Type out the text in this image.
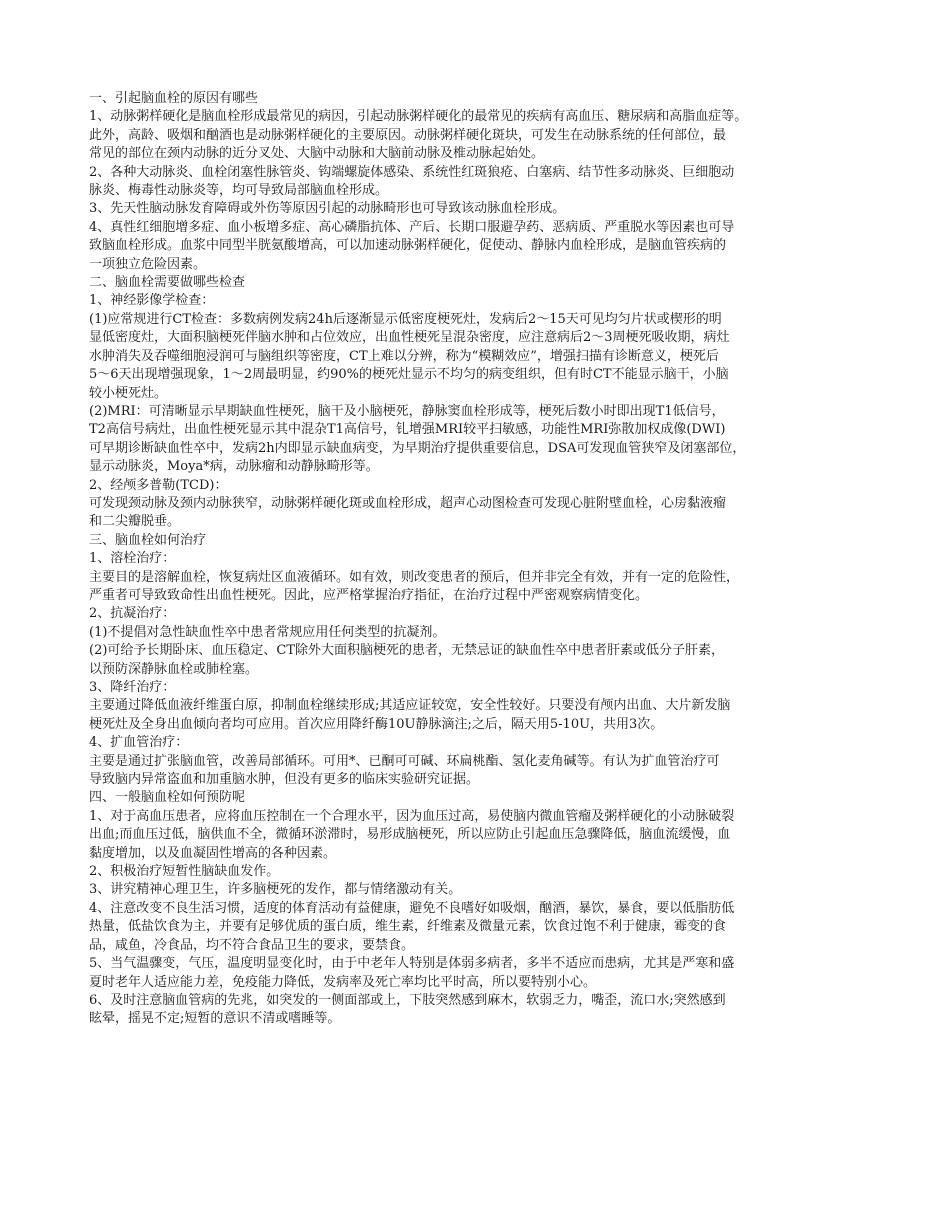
一、引起脑血栓的原因有哪些
1、动脉粥样硬化是脑血栓形成最常见的病因，引起动脉粥样硬化的最常见的疾病有高血压、糖尿病和高脂血症等。
此外，高龄、吸烟和酗酒也是动脉粥样硬化的主要原因。动脉粥样硬化斑块，可发生在动脉系统的任何部位，最
常见的部位在颈内动脉的近分叉处、大脑中动脉和大脑前动脉及椎动脉起始处。
2、各种大动脉炎、血栓闭塞性脉管炎、钩端螺旋体感染、系统性红斑狼疮、白塞病、结节性多动脉炎、巨细胞动
脉炎、梅毒性动脉炎等，均可导致局部脑血栓形成。
3、先天性脑动脉发育障碍或外伤等原因引起的动脉畸形也可导致该动脉血栓形成。
4、真性红细胞增多症、血小板增多症、高心磷脂抗体、产后、长期口服避孕药、恶病质、严重脱水等因素也可导
致脑血栓形成。血浆中同型半胱氨酸增高，可以加速动脉粥样硬化，促使动、静脉内血栓形成，是脑血管疾病的
一项独立危险因素。
二、脑血栓需要做哪些检查
1、神经影像学检查：
(1)应常规进行CT检查：多数病例发病24h后逐渐显示低密度梗死灶，发病后2～15天可见均匀片状或楔形的明
显低密度灶，大面积脑梗死伴脑水肿和占位效应，出血性梗死呈混杂密度，应注意病后2～3周梗死吸收期，病灶
水肿消失及吞噬细胞浸润可与脑组织等密度，CT上难以分辨，称为“模糊效应”，增强扫描有诊断意义，梗死后
5～6天出现增强现象，1～2周最明显，约90%的梗死灶显示不均匀的病变组织，但有时CT不能显示脑干，小脑
较小梗死灶。
(2)MRI：可清晰显示早期缺血性梗死，脑干及小脑梗死，静脉窦血栓形成等，梗死后数小时即出现T1低信号，
T2高信号病灶，出血性梗死显示其中混杂T1高信号，钆增强MRI较平扫敏感，功能性MRI弥散加权成像(DWI)
可早期诊断缺血性卒中，发病2h内即显示缺血病变，为早期治疗提供重要信息，DSA可发现血管狭窄及闭塞部位，
显示动脉炎，Moya*病，动脉瘤和动静脉畸形等。
2、经颅多普勒(TCD)：
可发现颈动脉及颈内动脉狭窄，动脉粥样硬化斑或血栓形成，超声心动图检查可发现心脏附壁血栓，心房黏液瘤
和二尖瓣脱垂。
三、脑血栓如何治疗
1、溶栓治疗：
主要目的是溶解血栓，恢复病灶区血液循环。如有效，则改变患者的预后，但并非完全有效，并有一定的危险性，
严重者可导致致命性出血性梗死。因此，应严格掌握治疗指征，在治疗过程中严密观察病情变化。
2、抗凝治疗：
(1)不提倡对急性缺血性卒中患者常规应用任何类型的抗凝剂。
(2)可给予长期卧床、血压稳定、CT除外大面积脑梗死的患者，无禁忌证的缺血性卒中患者肝素或低分子肝素，
以预防深静脉血栓或肺栓塞。
3、降纤治疗：
主要通过降低血液纤维蛋白原，抑制血栓继续形成;其适应证较宽，安全性较好。只要没有颅内出血、大片新发脑
梗死灶及全身出血倾向者均可应用。首次应用降纤酶10U静脉滴注;之后，隔天用5-10U，共用3次。
4、扩血管治疗：
主要是通过扩张脑血管，改善局部循环。可用*、已酮可可碱、环扁桃酯、氢化麦角碱等。有认为扩血管治疗可
导致脑内异常盗血和加重脑水肿，但没有更多的临床实验研究证据。
四、一般脑血栓如何预防呢
1、对于高血压患者，应将血压控制在一个合理水平，因为血压过高，易使脑内微血管瘤及粥样硬化的小动脉破裂
出血;而血压过低，脑供血不全，微循环淤滞时，易形成脑梗死，所以应防止引起血压急骤降低，脑血流缓慢，血
黏度增加，以及血凝固性增高的各种因素。
2、积极治疗短暂性脑缺血发作。
3、讲究精神心理卫生，许多脑梗死的发作，都与情绪激动有关。
4、注意改变不良生活习惯，适度的体育活动有益健康，避免不良嗜好如吸烟，酗酒，暴饮，暴食，要以低脂肪低
热量，低盐饮食为主，并要有足够优质的蛋白质，维生素，纤维素及微量元素，饮食过饱不利于健康，霉变的食
品，咸鱼，冷食品，均不符合食品卫生的要求，要禁食。
5、当气温骤变，气压，温度明显变化时，由于中老年人特别是体弱多病者，多半不适应而患病，尤其是严寒和盛
夏时老年人适应能力差，免疫能力降低，发病率及死亡率均比平时高，所以要特别小心。
6、及时注意脑血管病的先兆，如突发的一侧面部或上，下肢突然感到麻木，软弱乏力，嘴歪，流口水;突然感到
眩晕，摇晃不定;短暂的意识不清或嗜睡等。
